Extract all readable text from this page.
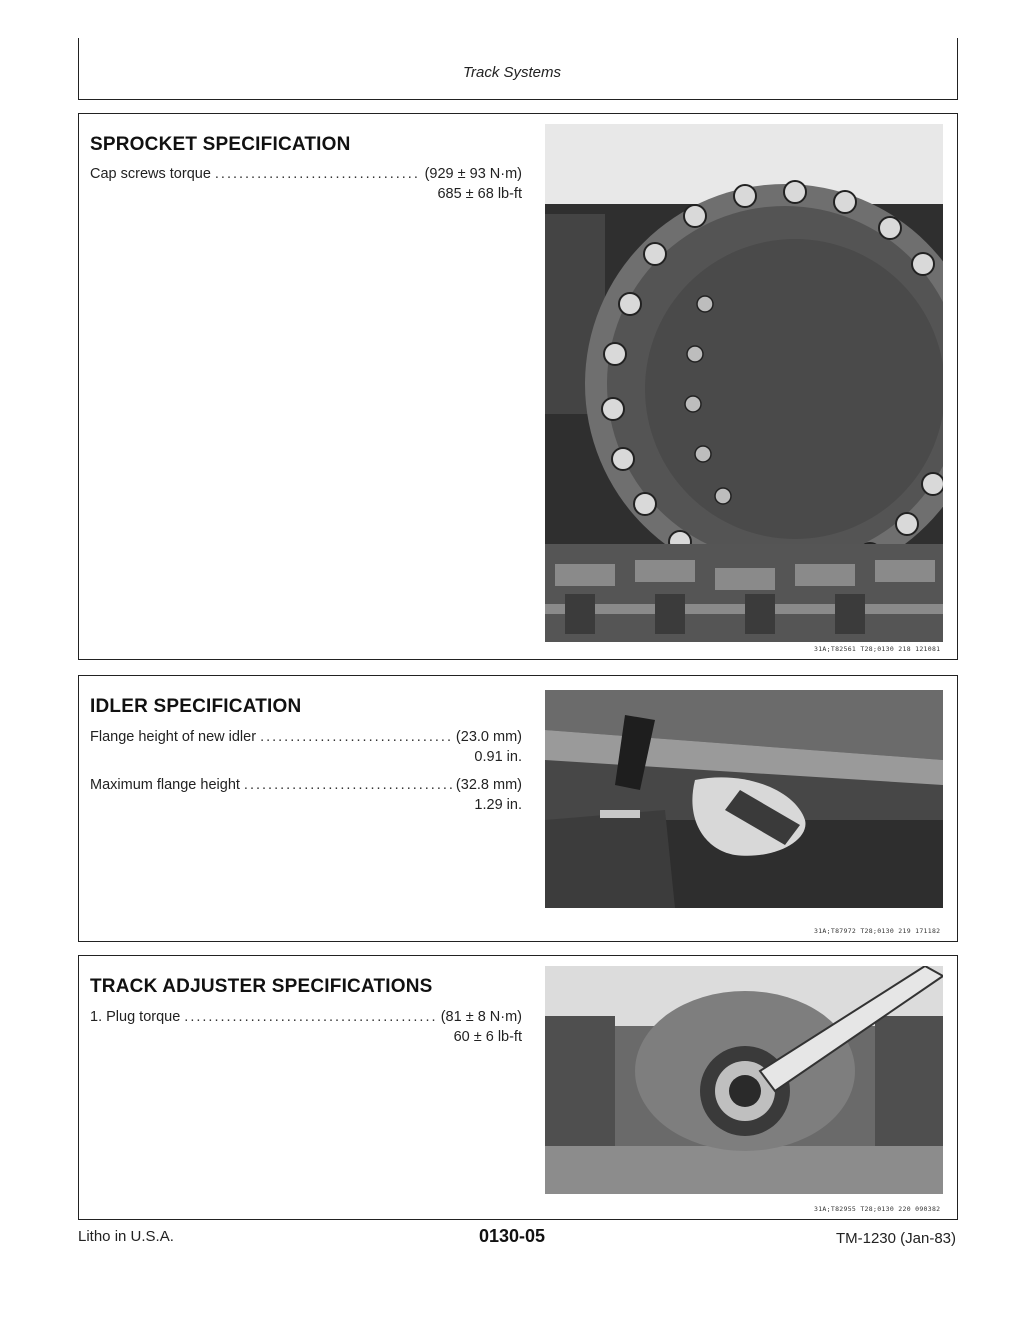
Track Systems
SPROCKET SPECIFICATION
Cap screws torque .....	(929 ± 93 N·m)
685 ± 68 lb-ft
31A;T82561 T28;0130 218 121081
IDLER SPECIFICATION
Flange height of new idler .....	(23.0 mm)
0.91 in.
Maximum flange height .....	(32.8 mm)
1.29 in.
31A;T87972 T28;0130 219 171182
TRACK ADJUSTER SPECIFICATIONS
1. Plug torque .....	(81 ± 8 N·m)
60 ± 6 lb-ft
31A;T82955 T28;0130 220 090382
Litho in U.S.A.	0130-05	TM-1230 (Jan-83)
